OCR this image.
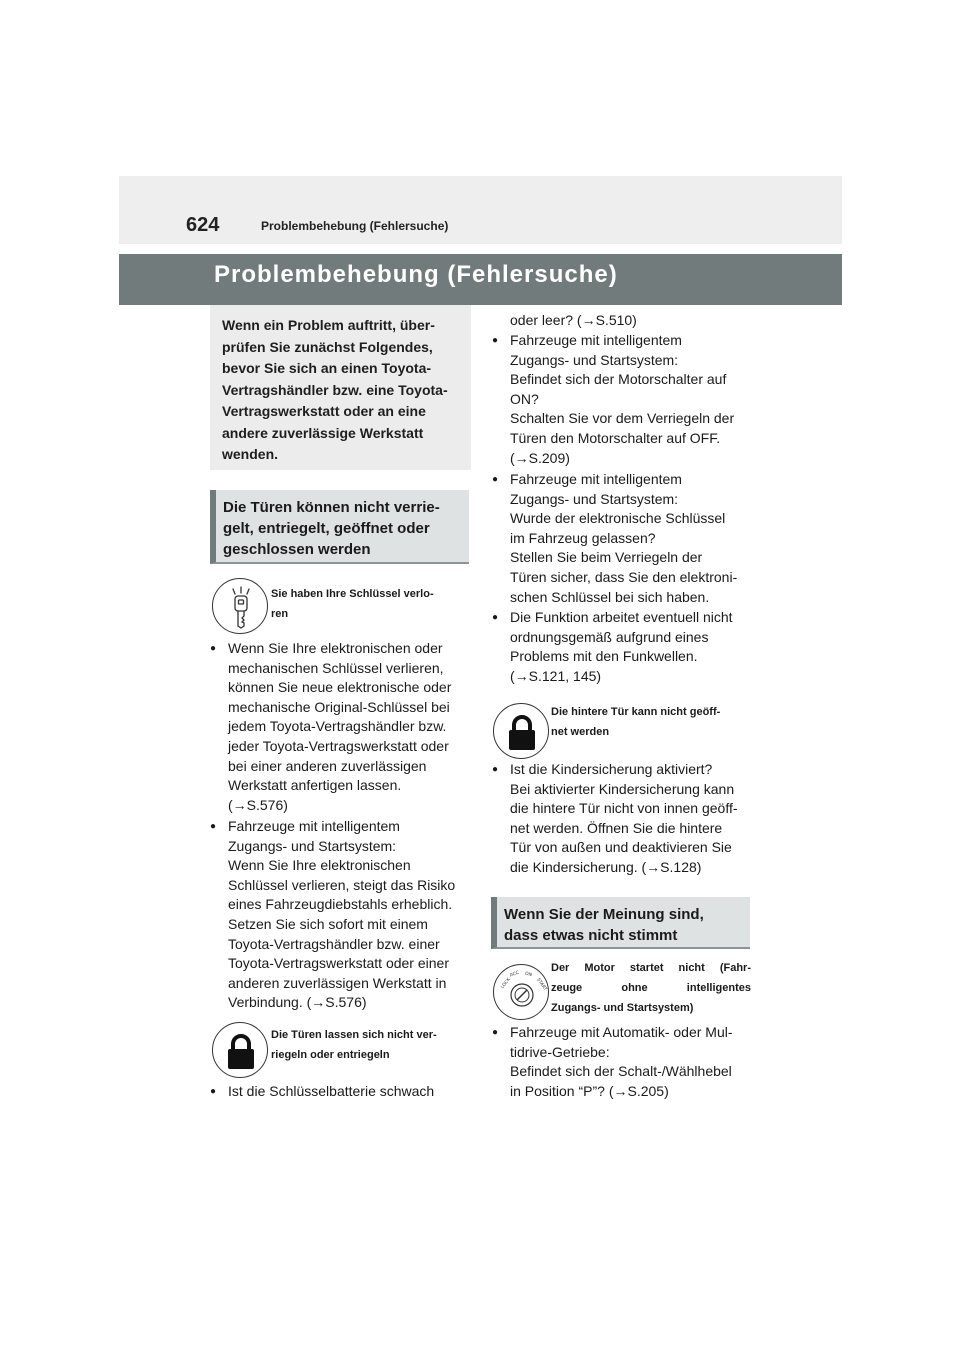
624	Problembehebung (Fehlersuche)
Problembehebung (Fehlersuche)

Wenn ein Problem auftritt, über-
prüfen Sie zunächst Folgendes,
bevor Sie sich an einen Toyota-
Vertragshändler bzw. eine Toyota-
Vertragswerkstatt oder an eine
andere zuverlässige Werkstatt
wenden.

Die Türen können nicht verrie-
gelt, entriegelt, geöffnet oder
geschlossen werden

Sie haben Ihre Schlüssel verlo-
ren
● Wenn Sie Ihre elektronischen oder
mechanischen Schlüssel verlieren,
können Sie neue elektronische oder
mechanische Original-Schlüssel bei
jedem Toyota-Vertragshändler bzw.
jeder Toyota-Vertragswerkstatt oder
bei einer anderen zuverlässigen
Werkstatt anfertigen lassen.
(→S.576)
● Fahrzeuge mit intelligentem
Zugangs- und Startsystem:
Wenn Sie Ihre elektronischen
Schlüssel verlieren, steigt das Risiko
eines Fahrzeugdiebstahls erheblich.
Setzen Sie sich sofort mit einem
Toyota-Vertragshändler bzw. einer
Toyota-Vertragswerkstatt oder einer
anderen zuverlässigen Werkstatt in
Verbindung. (→S.576)
Die Türen lassen sich nicht ver-
riegeln oder entriegeln
● Ist die Schlüsselbatterie schwach
oder leer? (→S.510)
● Fahrzeuge mit intelligentem
Zugangs- und Startsystem:
Befindet sich der Motorschalter auf
ON?
Schalten Sie vor dem Verriegeln der
Türen den Motorschalter auf OFF.
(→S.209)
● Fahrzeuge mit intelligentem
Zugangs- und Startsystem:
Wurde der elektronische Schlüssel
im Fahrzeug gelassen?
Stellen Sie beim Verriegeln der
Türen sicher, dass Sie den elektroni-
schen Schlüssel bei sich haben.
● Die Funktion arbeitet eventuell nicht
ordnungsgemäß aufgrund eines
Problems mit den Funkwellen.
(→S.121, 145)
Die hintere Tür kann nicht geöff-
net werden
● Ist die Kindersicherung aktiviert?
Bei aktivierter Kindersicherung kann
die hintere Tür nicht von innen geöff-
net werden. Öffnen Sie die hintere
Tür von außen und deaktivieren Sie
die Kindersicherung. (→S.128)

Wenn Sie der Meinung sind,
dass etwas nicht stimmt

LOCK
ACC ON
START
Der Motor startet nicht (Fahr-
zeuge ohne intelligentes
Zugangs- und Startsystem)
● Fahrzeuge mit Automatik- oder Mul-
tidrive-Getriebe:
Befindet sich der Schalt-/Wählhebel
in Position “P”? (→S.205)
